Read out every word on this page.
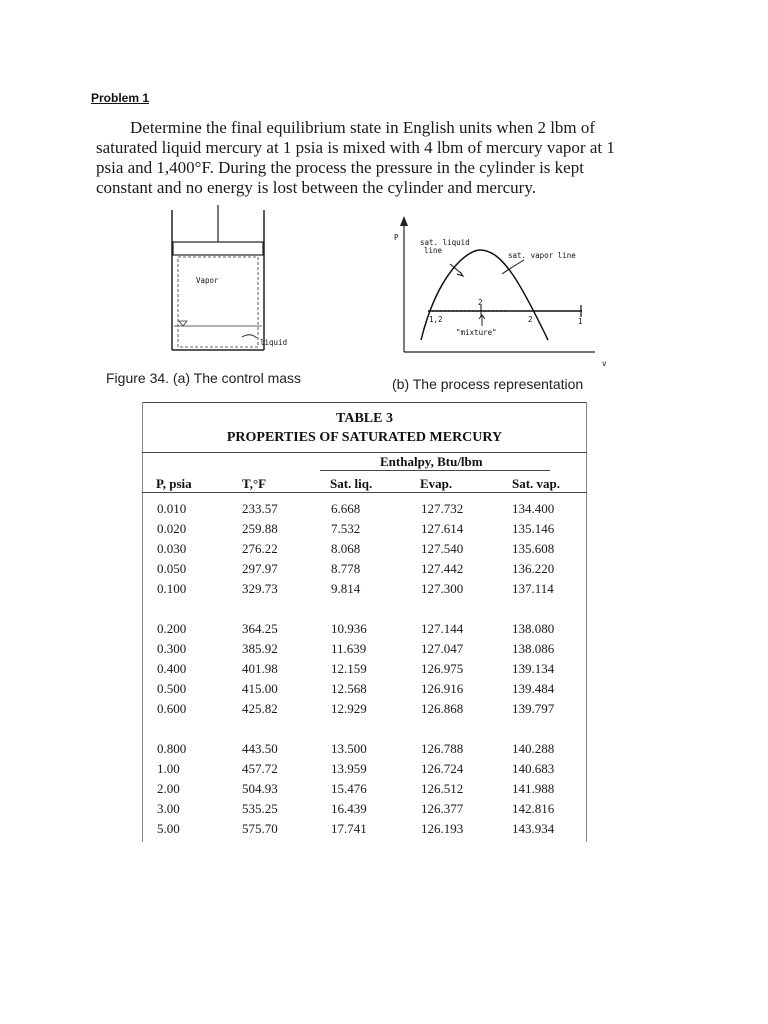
Problem 1
Determine the final equilibrium state in English units when 2 lbm of saturated liquid mercury at 1 psia is mixed with 4 lbm of mercury vapor at 1 psia and 1,400°F. During the process the pressure in the cylinder is kept constant and no energy is lost between the cylinder and mercury.
Vapor
liquid
Figure 34. (a) The control mass
P
v
sat. liquid
line
sat. vapor line
1,2
2
2	1
"mixture"
(b) The process representation
TABLE 3
PROPERTIES OF SATURATED MERCURY
Enthalpy, Btu/lbm
P, psia	T,°F	Sat. liq.	Evap.	Sat. vap.
0.010	233.57	6.668	127.732	134.400
0.020	259.88	7.532	127.614	135.146
0.030	276.22	8.068	127.540	135.608
0.050	297.97	8.778	127.442	136.220
0.100	329.73	9.814	127.300	137.114
0.200	364.25	10.936	127.144	138.080
0.300	385.92	11.639	127.047	138.086
0.400	401.98	12.159	126.975	139.134
0.500	415.00	12.568	126.916	139.484
0.600	425.82	12.929	126.868	139.797
0.800	443.50	13.500	126.788	140.288
1.00	457.72	13.959	126.724	140.683
2.00	504.93	15.476	126.512	141.988
3.00	535.25	16.439	126.377	142.816
5.00	575.70	17.741	126.193	143.934
